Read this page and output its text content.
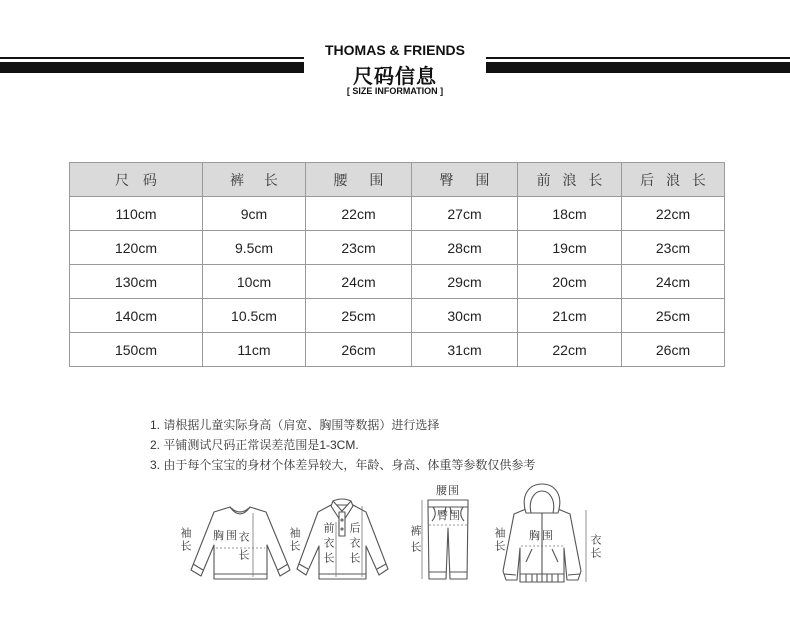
THOMAS & FRIENDS
尺码信息
[ SIZE INFORMATION ]
尺 码	裤 长	腰 围	臀 围	前 浪 长	后 浪 长
110cm	9cm	22cm	27cm	18cm	22cm
120cm	9.5cm	23cm	28cm	19cm	23cm
130cm	10cm	24cm	29cm	20cm	24cm
140cm	10.5cm	25cm	30cm	21cm	25cm
150cm	11cm	26cm	31cm	22cm	26cm
1. 请根据儿童实际身高（肩宽、胸围等数据）进行选择
2. 平铺测试尺码正常误差范围是1-3CM.
3. 由于每个宝宝的身材个体差异较大，年龄、身高、体重等参数仅供参考
袖长 胸围
衣长	袖长 前衣长 后衣长
腰围
臀围
裤长	袖长 胸围	衣长
